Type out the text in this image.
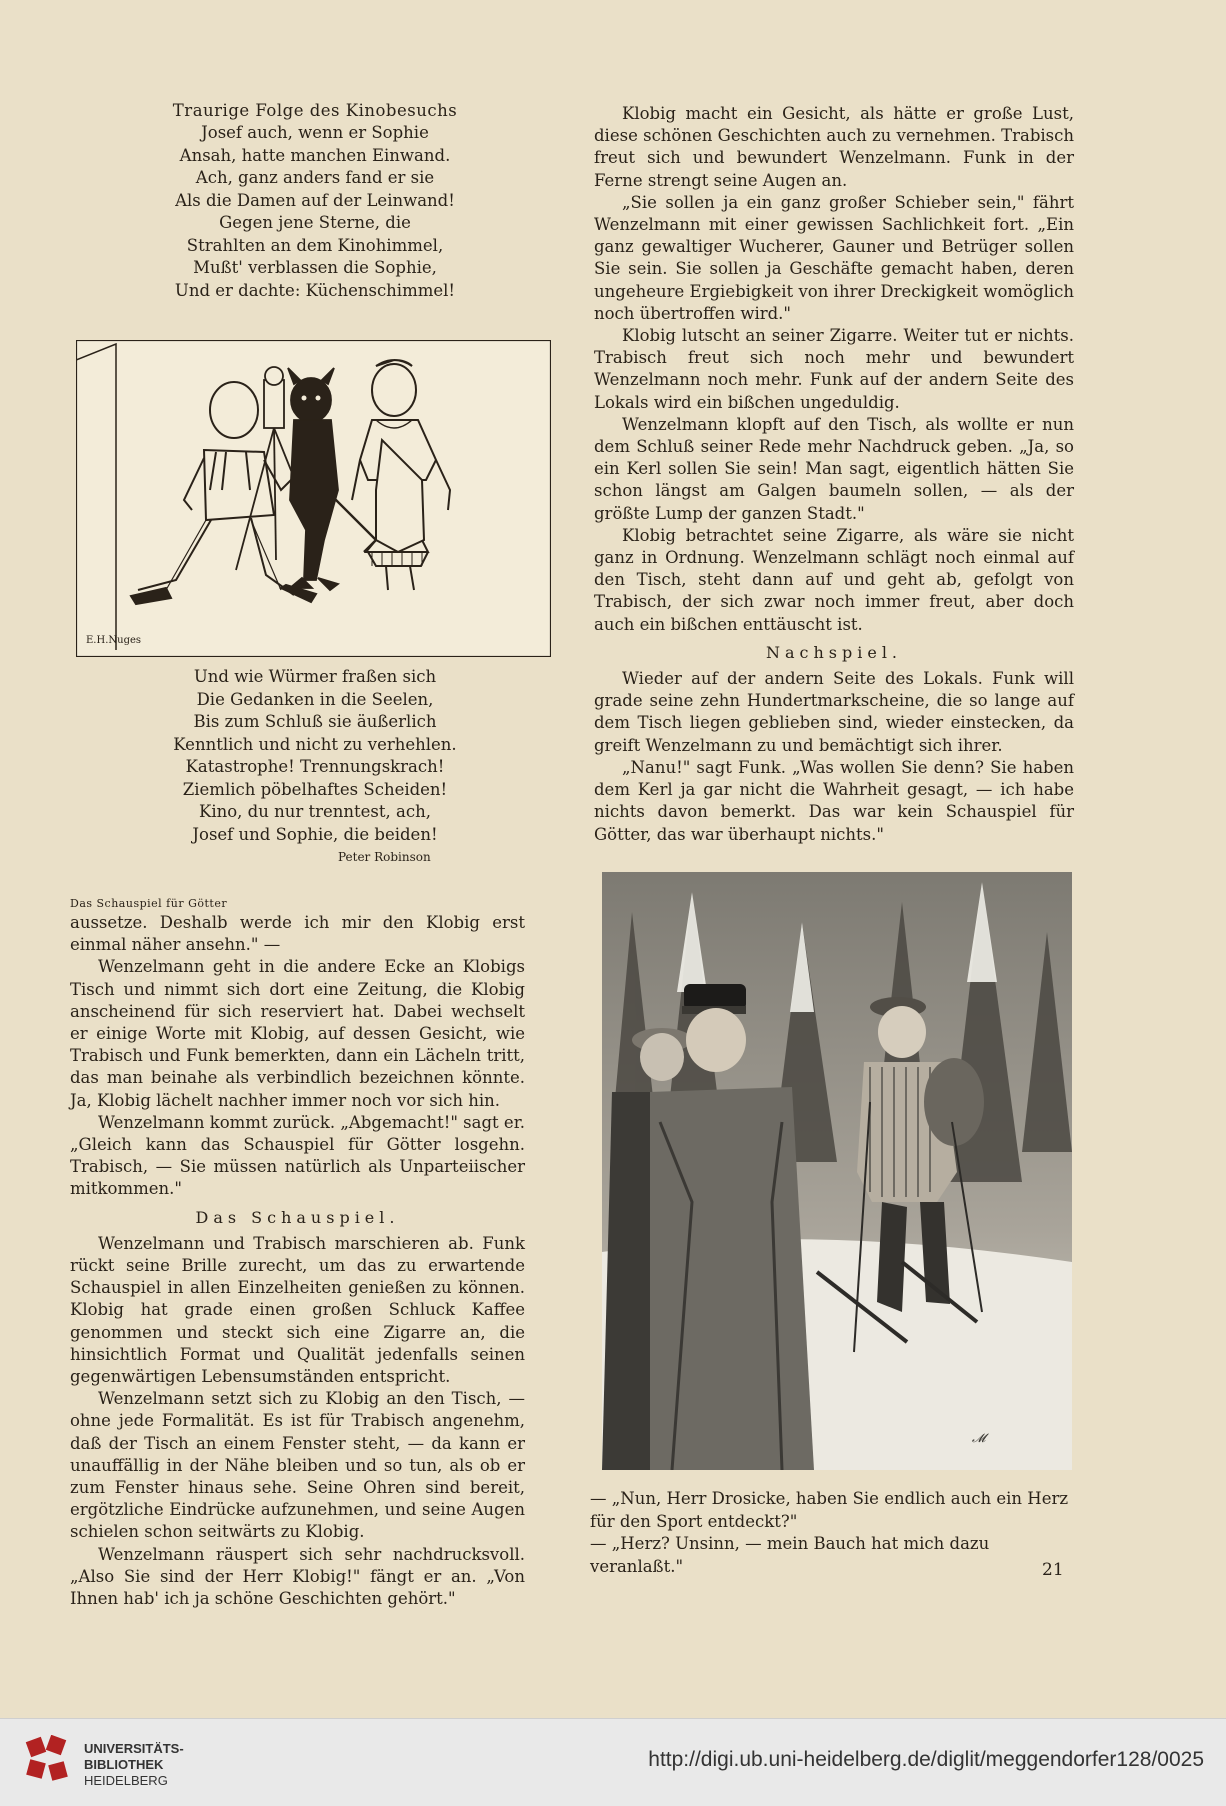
Traurige Folge des Kinobesuchs
Josef auch, wenn er Sophie
Ansah, hatte manchen Einwand.
Ach, ganz anders fand er sie
Als die Damen auf der Leinwand!
Gegen jene Sterne, die
Strahlten an dem Kinohimmel,
Mußt' verblassen die Sophie,
Und er dachte: Küchenschimmel!
E.H.Nuges
Und wie Würmer fraßen sich
Die Gedanken in die Seelen,
Bis zum Schluß sie äußerlich
Kenntlich und nicht zu verhehlen.
Katastrophe! Trennungskrach!
Ziemlich pöbelhaftes Scheiden!
Kino, du nur trenntest, ach,
Josef und Sophie, die beiden!
Peter Robinson
Das Schauspiel für Götter

aussetze. Deshalb werde ich mir den Klobig erst einmal näher ansehn." —

Wenzelmann geht in die andere Ecke an Klobigs Tisch und nimmt sich dort eine Zeitung, die Klobig anscheinend für sich reserviert hat. Dabei wechselt er einige Worte mit Klobig, auf dessen Gesicht, wie Trabisch und Funk bemerkten, dann ein Lächeln tritt, das man beinahe als verbindlich bezeichnen könnte. Ja, Klobig lächelt nachher immer noch vor sich hin.

Wenzelmann kommt zurück. „Abgemacht!" sagt er. „Gleich kann das Schauspiel für Götter losgehn. Trabisch, — Sie müssen natürlich als Unparteiischer mitkommen."

Das Schauspiel.

Wenzelmann und Trabisch marschieren ab. Funk rückt seine Brille zurecht, um das zu erwartende Schauspiel in allen Einzelheiten genießen zu können. Klobig hat grade einen großen Schluck Kaffee genommen und steckt sich eine Zigarre an, die hinsichtlich Format und Qualität jedenfalls seinen gegenwärtigen Lebensumständen entspricht.

Wenzelmann setzt sich zu Klobig an den Tisch, — ohne jede Formalität. Es ist für Trabisch angenehm, daß der Tisch an einem Fenster steht, — da kann er unauffällig in der Nähe bleiben und so tun, als ob er zum Fenster hinaus sehe. Seine Ohren sind bereit, ergötzliche Eindrücke aufzunehmen, und seine Augen schielen schon seitwärts zu Klobig.

Wenzelmann räuspert sich sehr nachdrucksvoll. „Also Sie sind der Herr Klobig!" fängt er an. „Von Ihnen hab' ich ja schöne Geschichten gehört."

Klobig macht ein Gesicht, als hätte er große Lust, diese schönen Geschichten auch zu vernehmen. Trabisch freut sich und bewundert Wenzelmann. Funk in der Ferne strengt seine Augen an.

„Sie sollen ja ein ganz großer Schieber sein," fährt Wenzelmann mit einer gewissen Sachlichkeit fort. „Ein ganz gewaltiger Wucherer, Gauner und Betrüger sollen Sie sein. Sie sollen ja Geschäfte gemacht haben, deren ungeheure Ergiebigkeit von ihrer Dreckigkeit womöglich noch übertroffen wird."

Klobig lutscht an seiner Zigarre. Weiter tut er nichts. Trabisch freut sich noch mehr und bewundert Wenzelmann noch mehr. Funk auf der andern Seite des Lokals wird ein bißchen ungeduldig.

Wenzelmann klopft auf den Tisch, als wollte er nun dem Schluß seiner Rede mehr Nachdruck geben. „Ja, so ein Kerl sollen Sie sein! Man sagt, eigentlich hätten Sie schon längst am Galgen baumeln sollen, — als der größte Lump der ganzen Stadt."

Klobig betrachtet seine Zigarre, als wäre sie nicht ganz in Ordnung. Wenzelmann schlägt noch einmal auf den Tisch, steht dann auf und geht ab, gefolgt von Trabisch, der sich zwar noch immer freut, aber doch auch ein bißchen enttäuscht ist.

Nachspiel.

Wieder auf der andern Seite des Lokals. Funk will grade seine zehn Hundertmarkscheine, die so lange auf dem Tisch liegen geblieben sind, wieder einstecken, da greift Wenzelmann zu und bemächtigt sich ihrer.

„Nanu!" sagt Funk. „Was wollen Sie denn? Sie haben dem Kerl ja gar nicht die Wahrheit gesagt, — ich habe nichts davon bemerkt. Das war kein Schauspiel für Götter, das war überhaupt nichts."

𝓜
— „Nun, Herr Drosicke, haben Sie endlich auch ein Herz für den Sport entdeckt?"
— „Herz? Unsinn, — mein Bauch hat mich dazu veranlaßt."	21
UNIVERSITÄTS-
BIBLIOTHEK
HEIDELBERG
http://digi.ub.uni-heidelberg.de/diglit/meggendorfer128/0025
